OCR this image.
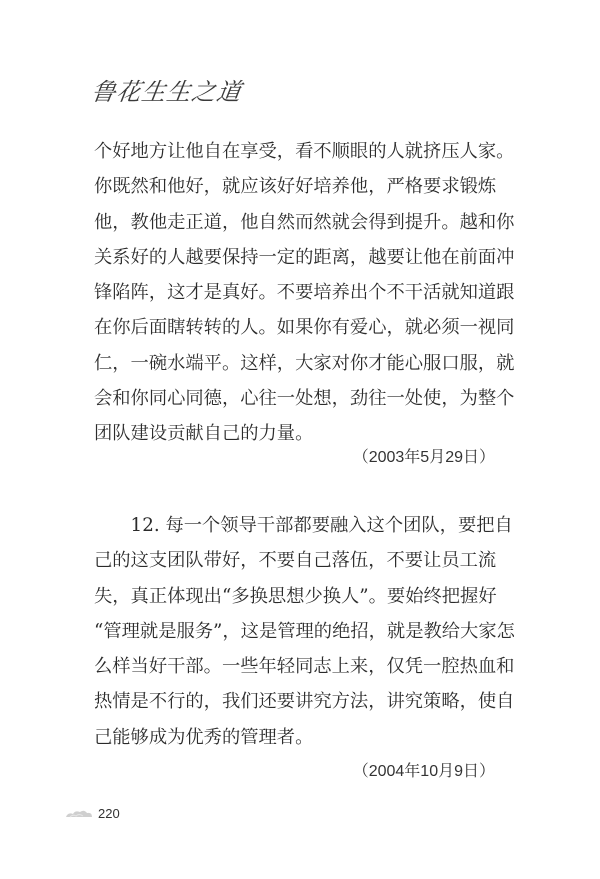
鲁花生生之道

个好地方让他自在享受，看不顺眼的人就挤压人家。
你既然和他好，就应该好好培养他，严格要求锻炼
他，教他走正道，他自然而然就会得到提升。越和你
关系好的人越要保持一定的距离，越要让他在前面冲
锋陷阵，这才是真好。不要培养出个不干活就知道跟
在你后面瞎转转的人。如果你有爱心，就必须一视同
仁，一碗水端平。这样，大家对你才能心服口服，就
会和你同心同德，心往一处想，劲往一处使，为整个
团队建设贡献自己的力量。

（2003年5月29日）

　　12. 每一个领导干部都要融入这个团队，要把自
己的这支团队带好，不要自己落伍，不要让员工流
失，真正体现出“多换思想少换人”。要始终把握好
“管理就是服务”，这是管理的绝招，就是教给大家怎
么样当好干部。一些年轻同志上来，仅凭一腔热血和
热情是不行的，我们还要讲究方法，讲究策略，使自
己能够成为优秀的管理者。

（2004年10月9日）
220
